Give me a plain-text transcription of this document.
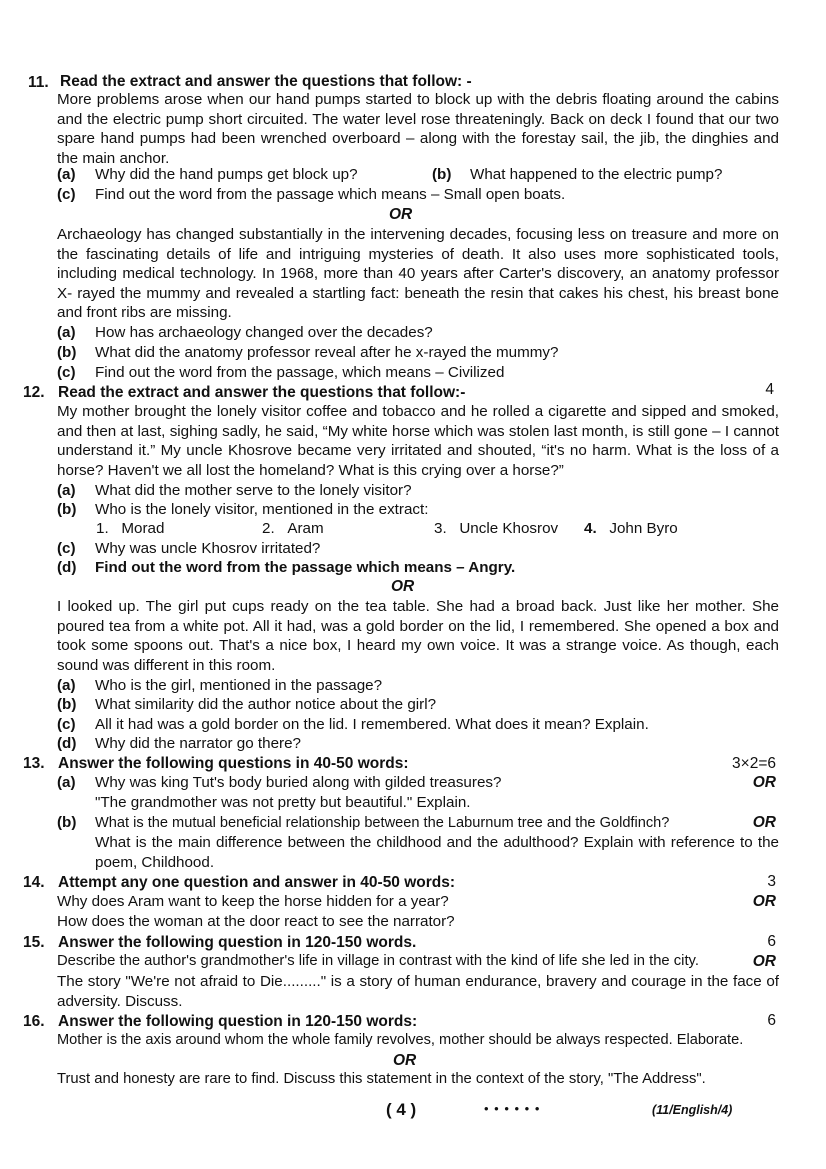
11. Read the extract and answer the questions that follow: -
More problems arose when our hand pumps started to block up with the debris floating around the cabins and the electric pump short circuited. The water level rose threateningly. Back on deck I found that our two spare hand pumps had been wrenched overboard – along with the forestay sail, the jib, the dinghies and the main anchor.
(a) Why did the hand pumps get block up?	(b) What happened to the electric pump?
(c) Find out the word from the passage which means – Small open boats.
OR
Archaeology has changed substantially in the intervening decades, focusing less on treasure and more on the fascinating details of life and intriguing mysteries of death. It also uses more sophisticated tools, including medical technology. In 1968, more than 40 years after Carter's discovery, an anatomy professor X- rayed the mummy and revealed a startling fact: beneath the resin that cakes his chest, his breast bone and front ribs are missing.
(a) How has archaeology changed over the decades?
(b) What did the anatomy professor reveal after he x-rayed the mummy?
(c) Find out the word from the passage, which means – Civilized
12. Read the extract and answer the questions that follow:-	4
My mother brought the lonely visitor coffee and tobacco and he rolled a cigarette and sipped and smoked, and then at last, sighing sadly, he said, “My white horse which was stolen last month, is still gone – I cannot understand it.” My uncle Khosrove became very irritated and shouted, “it's no harm. What is the loss of a horse? Haven't we all lost the homeland? What is this crying over a horse?”
(a) What did the mother serve to the lonely visitor?
(b) Who is the lonely visitor, mentioned in the extract:
1. Morad	2. Aram	3. Uncle Khosrov 4. John Byro
(c) Why was uncle Khosrov irritated?
(d) Find out the word from the passage which means – Angry.
OR
I looked up. The girl put cups ready on the tea table. She had a broad back. Just like her mother. She poured tea from a white pot. All it had, was a gold border on the lid, I remembered. She opened a box and took some spoons out. That's a nice box, I heard my own voice. It was a strange voice. As though, each sound was different in this room.
(a) Who is the girl, mentioned in the passage?
(b) What similarity did the author notice about the girl?
(c) All it had was a gold border on the lid. I remembered. What does it mean? Explain.
(d) Why did the narrator go there?
13. Answer the following questions in 40-50 words:	3×2=6
(a) Why was king Tut's body buried along with gilded treasures?	OR
"The grandmother was not pretty but beautiful." Explain.
(b) What is the mutual beneficial relationship between the Laburnum tree and the Goldfinch?	OR
What is the main difference between the childhood and the adulthood? Explain with reference to the poem, Childhood.
14. Attempt any one question and answer in 40-50 words:	3
Why does Aram want to keep the horse hidden for a year?	OR
How does the woman at the door react to see the narrator?
15. Answer the following question in 120-150 words.	6
Describe the author's grandmother's life in village in contrast with the kind of life she led in the city.	OR
The story "We're not afraid to Die........." is a story of human endurance, bravery and courage in the face of adversity. Discuss.
16. Answer the following question in 120-150 words:	6
Mother is the axis around whom the whole family revolves, mother should be always respected. Elaborate.
OR
Trust and honesty are rare to find. Discuss this statement in the context of the story, "The Address".
( 4 )	• • • • • •	(11/English/4)
